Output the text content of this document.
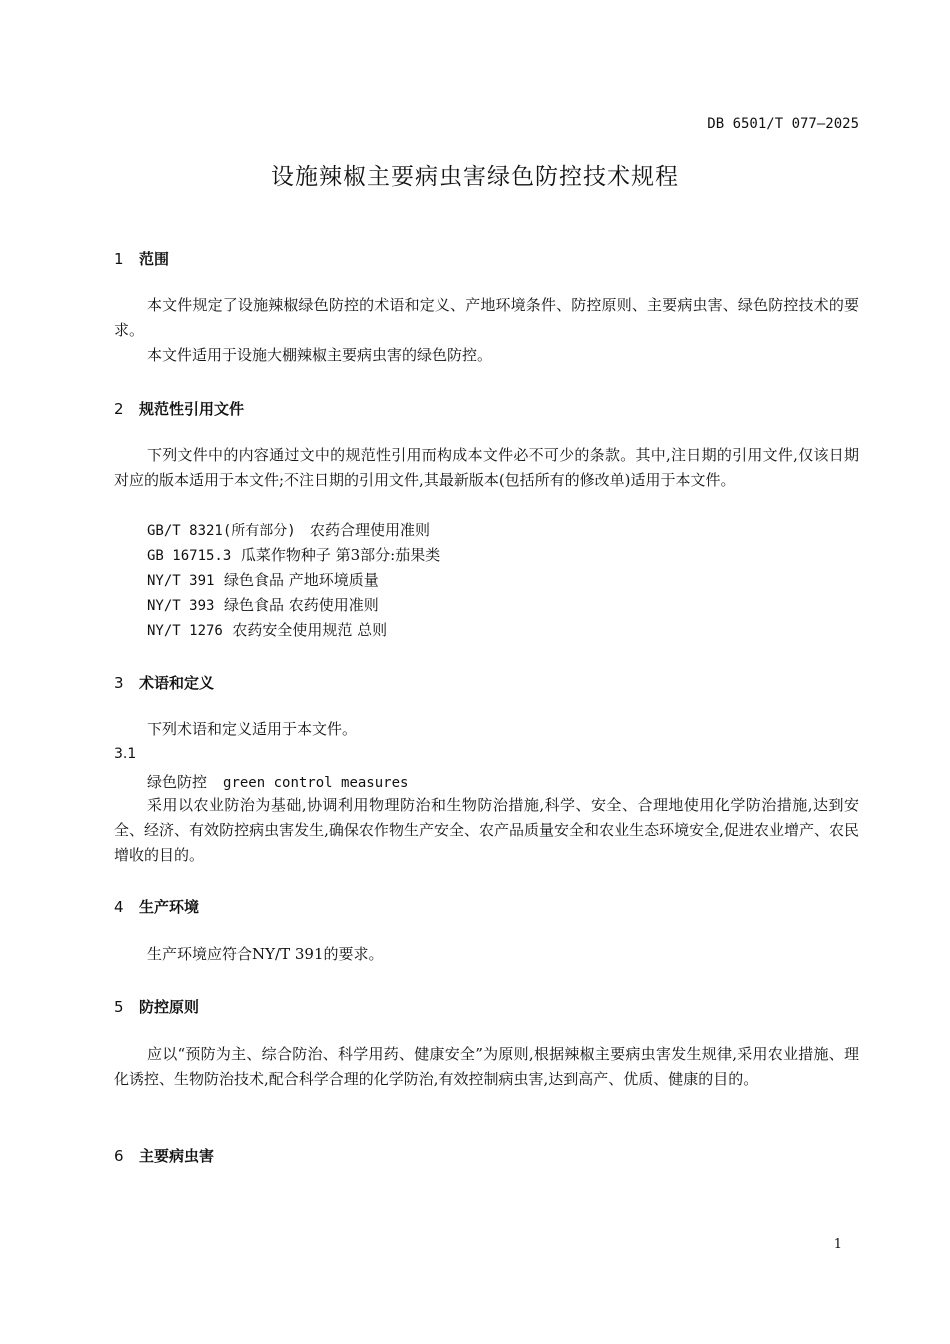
DB 6501/T 077—2025
设施辣椒主要病虫害绿色防控技术规程
1 范围
本文件规定了设施辣椒绿色防控的术语和定义、产地环境条件、防控原则、主要病虫害、绿色防控技术的要求。
本文件适用于设施大棚辣椒主要病虫害的绿色防控。
2 规范性引用文件
下列文件中的内容通过文中的规范性引用而构成本文件必不可少的条款。其中,注日期的引用文件,仅该日期对应的版本适用于本文件;不注日期的引用文件,其最新版本(包括所有的修改单)适用于本文件。
GB/T 8321(所有部分) 农药合理使用准则
GB 16715.3 瓜菜作物种子 第3部分:茄果类
NY/T 391 绿色食品 产地环境质量
NY/T 393 绿色食品 农药使用准则
NY/T 1276 农药安全使用规范 总则
3 术语和定义
下列术语和定义适用于本文件。
3.1
绿色防控 green control measures
采用以农业防治为基础,协调利用物理防治和生物防治措施,科学、安全、合理地使用化学防治措施,达到安全、经济、有效防控病虫害发生,确保农作物生产安全、农产品质量安全和农业生态环境安全,促进农业增产、农民增收的目的。
4 生产环境
生产环境应符合NY/T 391的要求。
5 防控原则
应以“预防为主、综合防治、科学用药、健康安全”为原则,根据辣椒主要病虫害发生规律,采用农业措施、理化诱控、生物防治技术,配合科学合理的化学防治,有效控制病虫害,达到高产、优质、健康的目的。
6 主要病虫害
1
